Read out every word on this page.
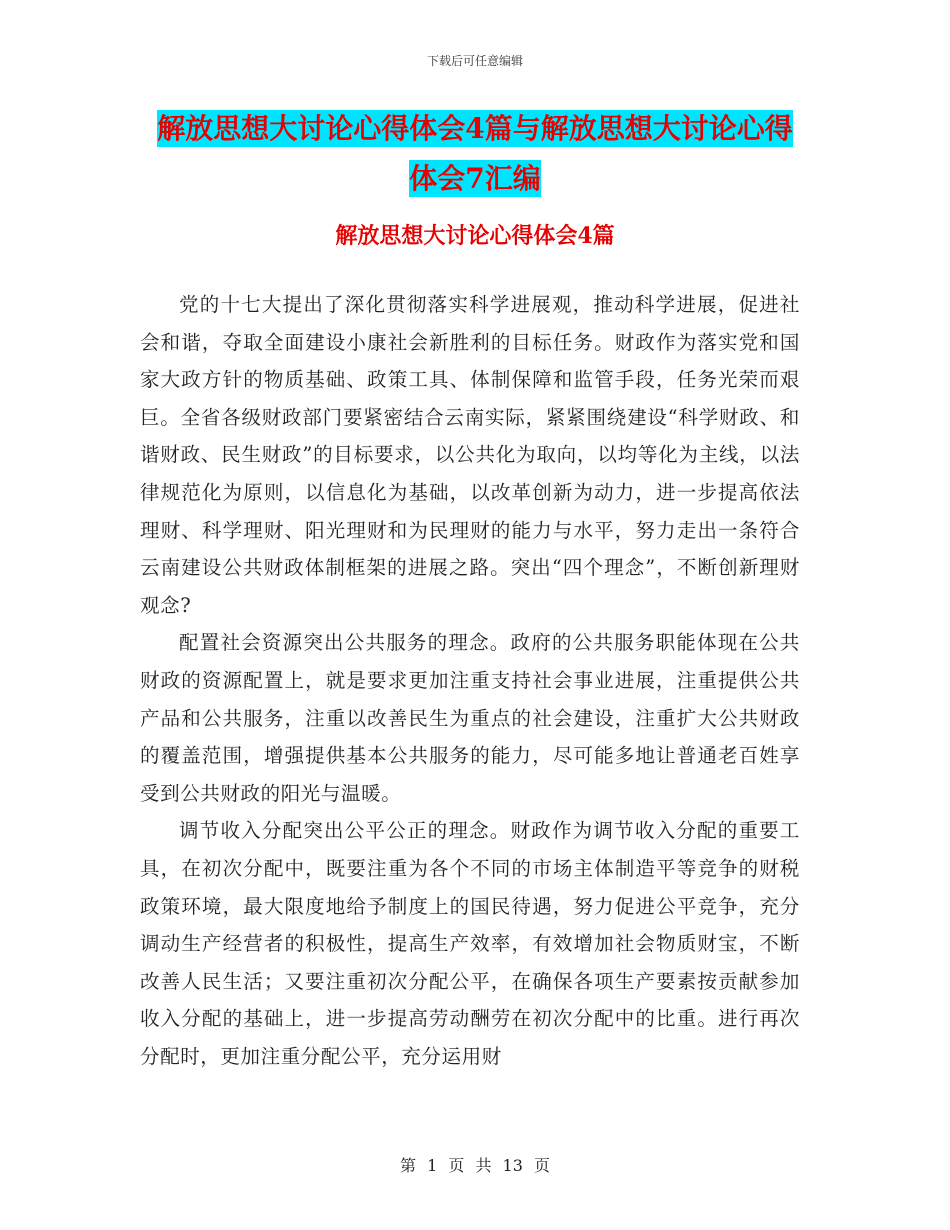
下载后可任意编辑
解放思想大讨论心得体会4篇与解放思想大讨论心得
体会7汇编
解放思想大讨论心得体会4篇

党的十七大提出了深化贯彻落实科学进展观，推动科学进展，促进社会和谐，夺取全面建设小康社会新胜利的目标任务。财政作为落实党和国家大政方针的物质基础、政策工具、体制保障和监管手段，任务光荣而艰巨。全省各级财政部门要紧密结合云南实际，紧紧围绕建设“科学财政、和谐财政、民生财政”的目标要求，以公共化为取向，以均等化为主线，以法律规范化为原则，以信息化为基础，以改革创新为动力，进一步提高依法理财、科学理财、阳光理财和为民理财的能力与水平，努力走出一条符合云南建设公共财政体制框架的进展之路。突出“四个理念”，不断创新理财观念?

配置社会资源突出公共服务的理念。政府的公共服务职能体现在公共财政的资源配置上，就是要求更加注重支持社会事业进展，注重提供公共产品和公共服务，注重以改善民生为重点的社会建设，注重扩大公共财政的覆盖范围，增强提供基本公共服务的能力，尽可能多地让普通老百姓享受到公共财政的阳光与温暖。

调节收入分配突出公平公正的理念。财政作为调节收入分配的重要工具，在初次分配中，既要注重为各个不同的市场主体制造平等竞争的财税政策环境，最大限度地给予制度上的国民待遇，努力促进公平竞争，充分调动生产经营者的积极性，提高生产效率，有效增加社会物质财宝，不断改善人民生活；又要注重初次分配公平，在确保各项生产要素按贡献参加收入分配的基础上，进一步提高劳动酬劳在初次分配中的比重。进行再次分配时，更加注重分配公平，充分运用财

第 1 页 共 13 页
